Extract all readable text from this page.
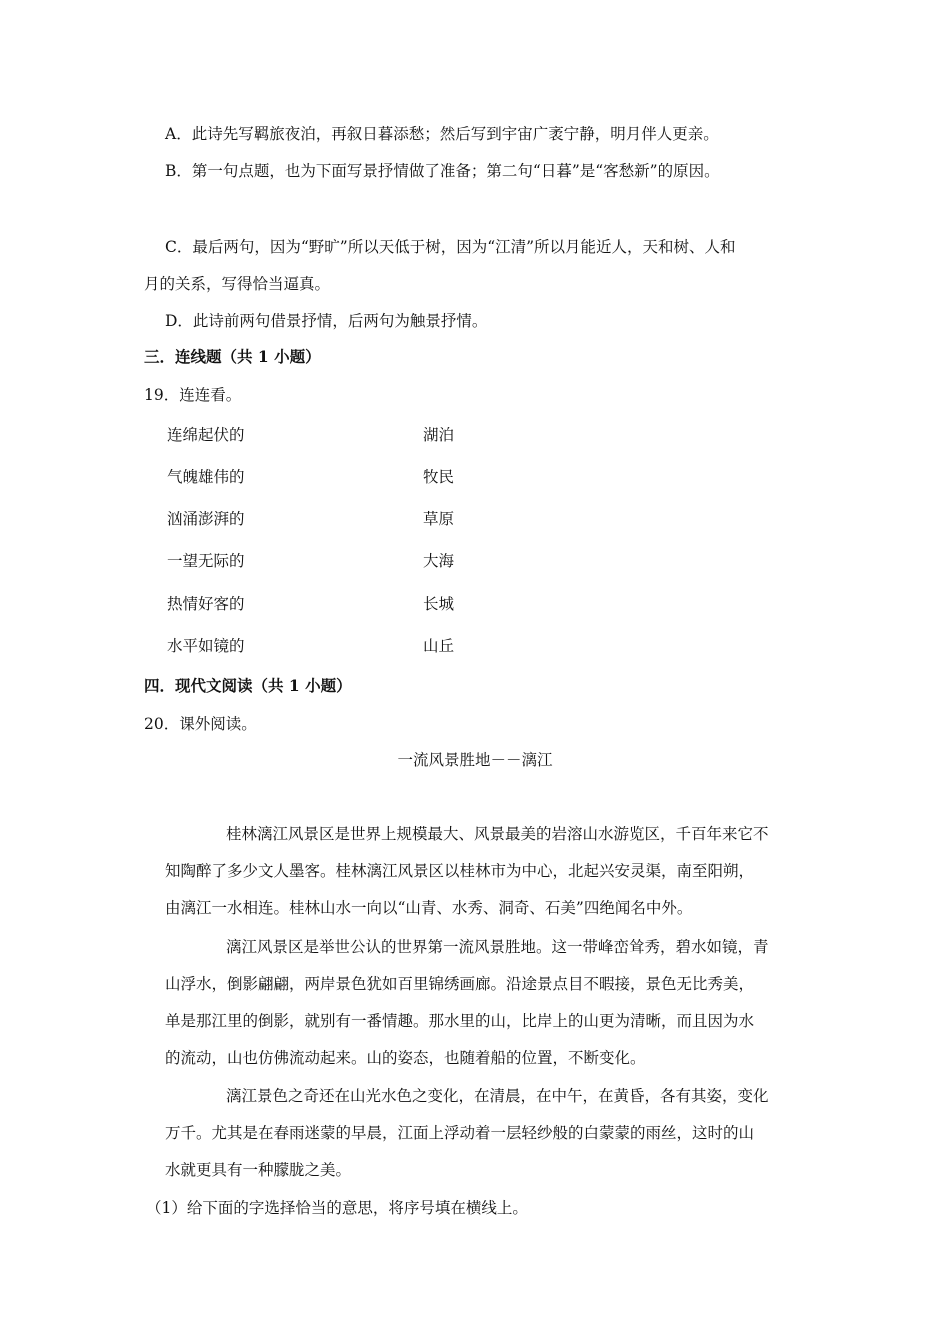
A．此诗先写羁旅夜泊，再叙日暮添愁；然后写到宇宙广袤宁静，明月伴人更亲。
B．第一句点题，也为下面写景抒情做了准备；第二句“日暮”是“客愁新”的原因。
C．最后两句，因为“野旷”所以天低于树，因为“江清”所以月能近人，天和树、人和
月的关系，写得恰当逼真。
D．此诗前两句借景抒情，后两句为触景抒情。
三．连线题（共 1 小题）
19．连连看。
连绵起伏的	湖泊
气魄雄伟的	牧民
汹涌澎湃的	草原
一望无际的	大海
热情好客的	长城
水平如镜的	山丘
四．现代文阅读（共 1 小题）
20．课外阅读。
一流风景胜地－－漓江
桂林漓江风景区是世界上规模最大、风景最美的岩溶山水游览区，千百年来它不
知陶醉了多少文人墨客。桂林漓江风景区以桂林市为中心，北起兴安灵渠，南至阳朔，
由漓江一水相连。桂林山水一向以“山青、水秀、洞奇、石美”四绝闻名中外。
漓江风景区是举世公认的世界第一流风景胜地。这一带峰峦耸秀，碧水如镜，青
山浮水，倒影翩翩，两岸景色犹如百里锦绣画廊。沿途景点目不暇接，景色无比秀美，
单是那江里的倒影，就别有一番情趣。那水里的山，比岸上的山更为清晰，而且因为水
的流动，山也仿佛流动起来。山的姿态，也随着船的位置，不断变化。
漓江景色之奇还在山光水色之变化，在清晨，在中午，在黄昏，各有其姿，变化
万千。尤其是在春雨迷蒙的早晨，江面上浮动着一层轻纱般的白蒙蒙的雨丝，这时的山
水就更具有一种朦胧之美。
（1）给下面的字选择恰当的意思，将序号填在横线上。
